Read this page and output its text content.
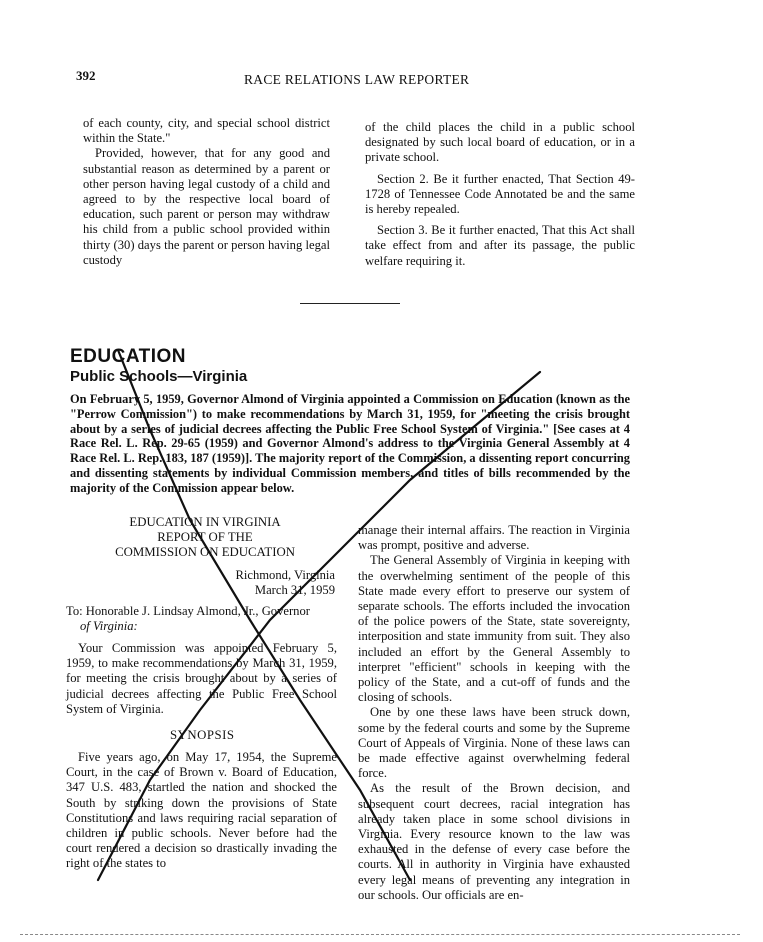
392	RACE RELATIONS LAW REPORTER

of each county, city, and special school district within the State."

Provided, however, that for any good and substantial reason as determined by a parent or other person having legal custody of a child and agreed to by the respective local board of education, such parent or person may withdraw his child from a public school provided within thirty (30) days the parent or person having legal custody

of the child places the child in a public school designated by such local board of education, or in a private school.

Section 2. Be it further enacted, That Section 49-1728 of Tennessee Code Annotated be and the same is hereby repealed.

Section 3. Be it further enacted, That this Act shall take effect from and after its passage, the public welfare requiring it.

EDUCATION
Public Schools—Virginia
On February 5, 1959, Governor Almond of Virginia appointed a Commission on Education (known as the "Perrow Commission") to make recommendations by March 31, 1959, for "meeting the crisis brought about by a series of judicial decrees affecting the Public Free School System of Virginia." [See cases at 4 Race Rel. L. Rep. 29-65 (1959) and Governor Almond's address to the Virginia General Assembly at 4 Race Rel. L. Rep. 183, 187 (1959)]. The majority report of the Commission, a dissenting report concurring and dissenting statements by individual Commission members, and titles of bills recommended by the majority of the Commission appear below.
EDUCATION IN VIRGINIA
REPORT OF THE
COMMISSION ON EDUCATION
Richmond, Virginia
March 31, 1959
To: Honorable J. Lindsay Almond, Jr., Governor
of Virginia:

Your Commission was appointed February 5, 1959, to make recommendations by March 31, 1959, for meeting the crisis brought about by a series of judicial decrees affecting the Public Free School System of Virginia.

SYNOPSIS

Five years ago, on May 17, 1954, the Supreme Court, in the case of Brown v. Board of Education, 347 U.S. 483, startled the nation and shocked the South by striking down the provisions of State Constitutions and laws requiring racial separation of children in public schools. Never before had the court rendered a decision so drastically invading the right of the states to

manage their internal affairs. The reaction in Virginia was prompt, positive and adverse.

The General Assembly of Virginia in keeping with the overwhelming sentiment of the people of this State made every effort to preserve our system of separate schools. The efforts included the invocation of the police powers of the State, state sovereignty, interposition and state immunity from suit. They also included an effort by the General Assembly to interpret "efficient" schools in keeping with the policy of the State, and a cut-off of funds and the closing of schools.

One by one these laws have been struck down, some by the federal courts and some by the Supreme Court of Appeals of Virginia. None of these laws can be made effective against overwhelming federal force.

As the result of the Brown decision, and subsequent court decrees, racial integration has already taken place in some school divisions in Virginia. Every resource known to the law was exhausted in the defense of every case before the courts. All in authority in Virginia have exhausted every legal means of preventing any integration in our schools. Our officials are en-
